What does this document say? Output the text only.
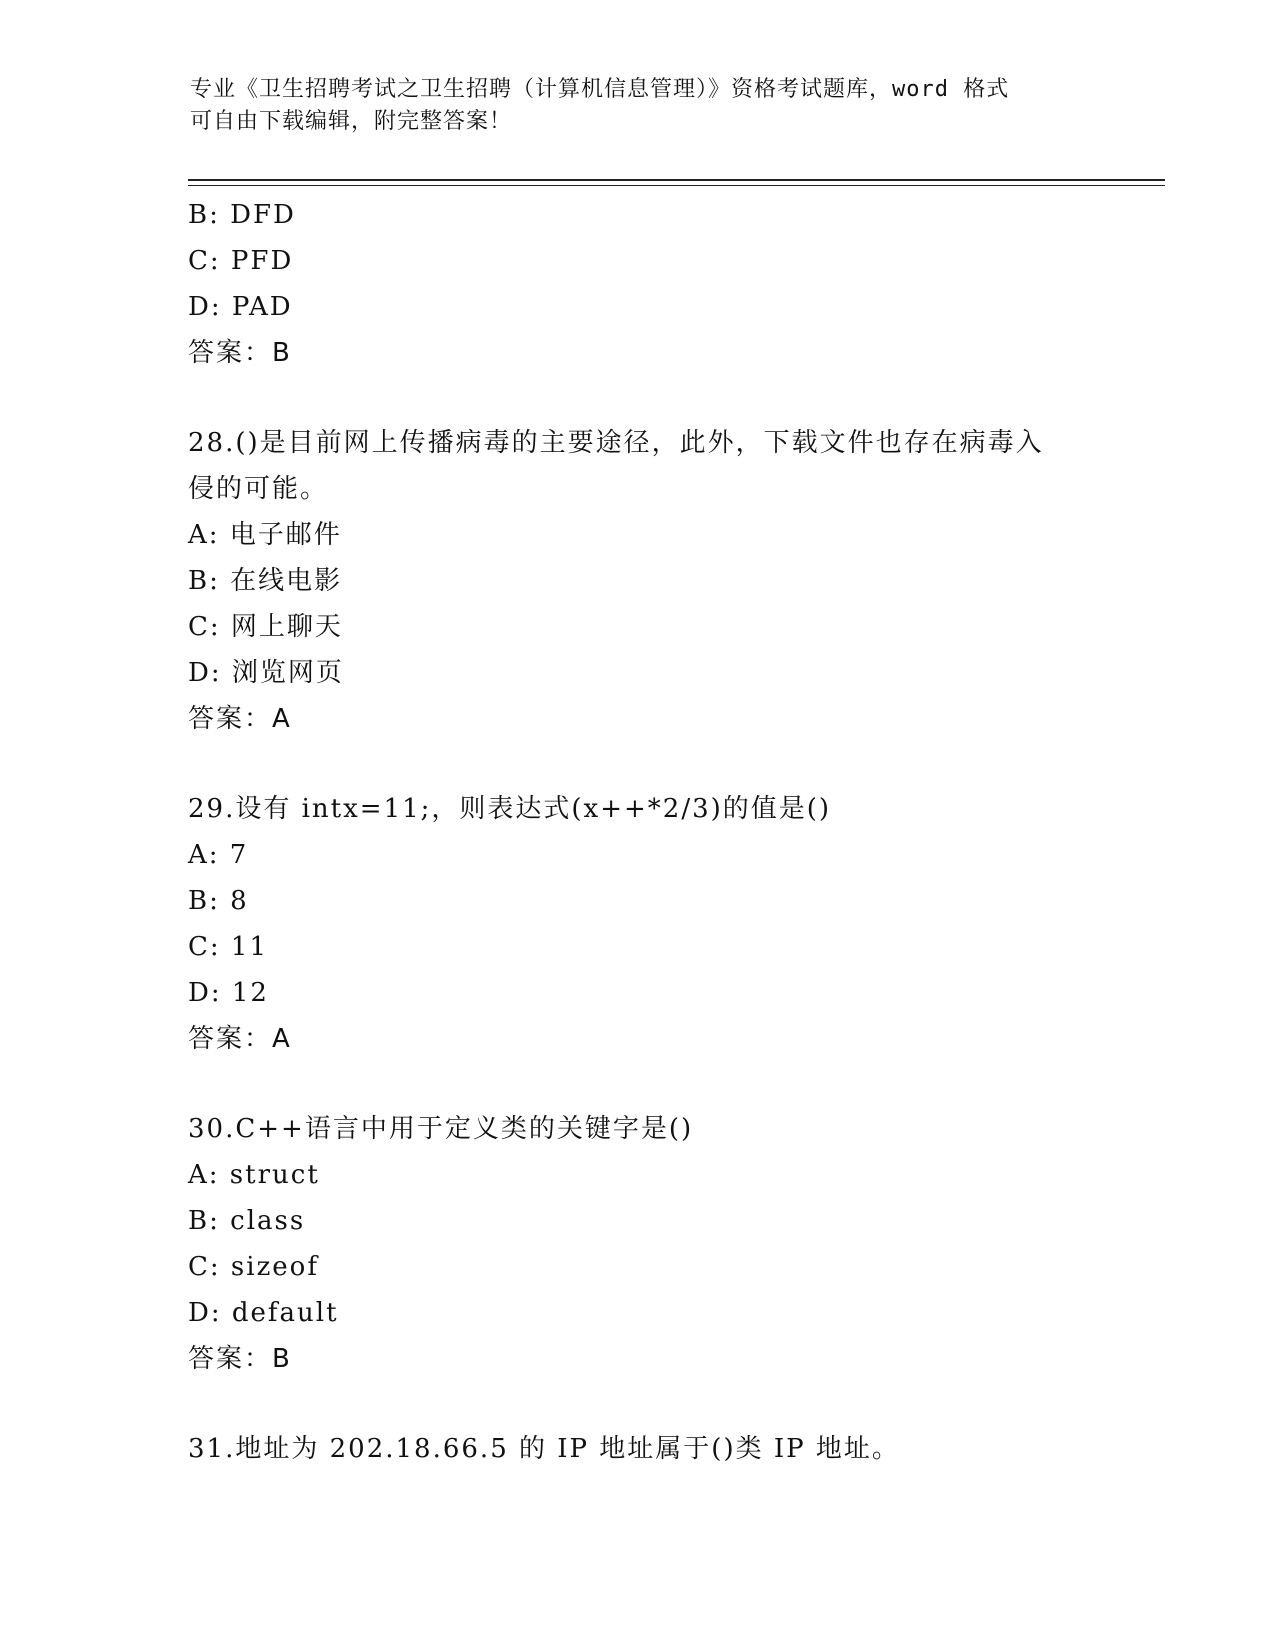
专业《卫生招聘考试之卫生招聘（计算机信息管理）》资格考试题库，word 格式
可自由下载编辑，附完整答案！
B: DFD
C: PFD
D: PAD
答案：B
28.()是目前网上传播病毒的主要途径，此外，下载文件也存在病毒入
侵的可能。
A: 电子邮件
B: 在线电影
C: 网上聊天
D: 浏览网页
答案：A
29.设有 intx=11;，则表达式(x++*2/3)的值是()
A: 7
B: 8
C: 11
D: 12
答案：A
30.C++语言中用于定义类的关键字是()
A: struct
B: class
C: sizeof
D: default
答案：B
31.地址为 202.18.66.5 的 IP 地址属于()类 IP 地址。
